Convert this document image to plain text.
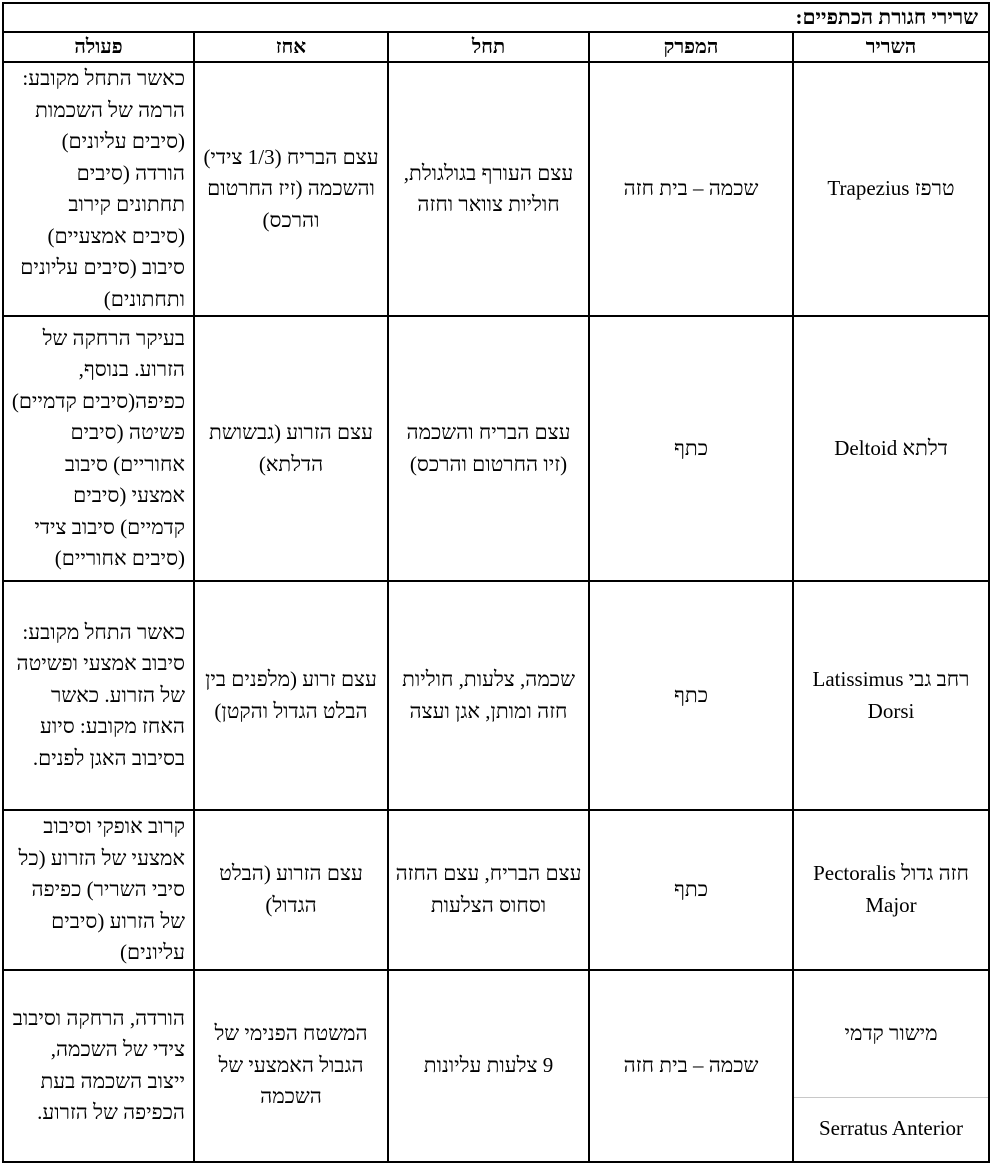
שרירי חגורת הכתפיים:				
השריר	המפרק	תחל	אחז	פעולה
טרפז Trapezius	שכמה – בית חזה	עצם העורף בגולגולת, חוליות צוואר וחזה	עצם הבריח (1/3 צידי) והשכמה (זיז החרטום והרכס)	כאשר התחל מקובע: הרמה של השכמות (סיבים עליונים) הורדה (סיבים תחתונים קירוב (סיבים אמצעיים) סיבוב (סיבים עליונים ותחתונים)
דלתא Deltoid	כתף	עצם הבריח והשכמה (זיו החרטום והרכס)	עצם הזרוע (גבשושת הדלתא)	בעיקר הרחקה של הזרוע. בנוסף, כפיפה(סיבים קדמיים) פשיטה (סיבים אחוריים) סיבוב אמצעי (סיבים קדמיים) סיבוב צידי (סיבים אחוריים)
רחב גבי Latissimus Dorsi	כתף	שכמה, צלעות, חוליות חזה ומותן, אגן ועצה	עצם זרוע (מלפנים בין הבלט הגדול והקטן)	כאשר התחל מקובע: סיבוב אמצעי ופשיטה של הזרוע. כאשר האחז מקובע: סיוע בסיבוב האגן לפנים.
חזה גדול Pectoralis Major	כתף	עצם הבריח, עצם החזה וסחוס הצלעות	עצם הזרוע (הבלט הגדול)	קרוב אופקי וסיבוב אמצעי של הזרוע (כל סיבי השריר) כפיפה של הזרוע (סיבים עליונים)

מישור קדמי
Serratus Anterior	שכמה – בית חזה	9 צלעות עליונות	המשטח הפנימי של הגבול האמצעי של השכמה	הורדה, הרחקה וסיבוב צידי של השכמה, ייצוב השכמה בעת הכפיפה של הזרוע.
